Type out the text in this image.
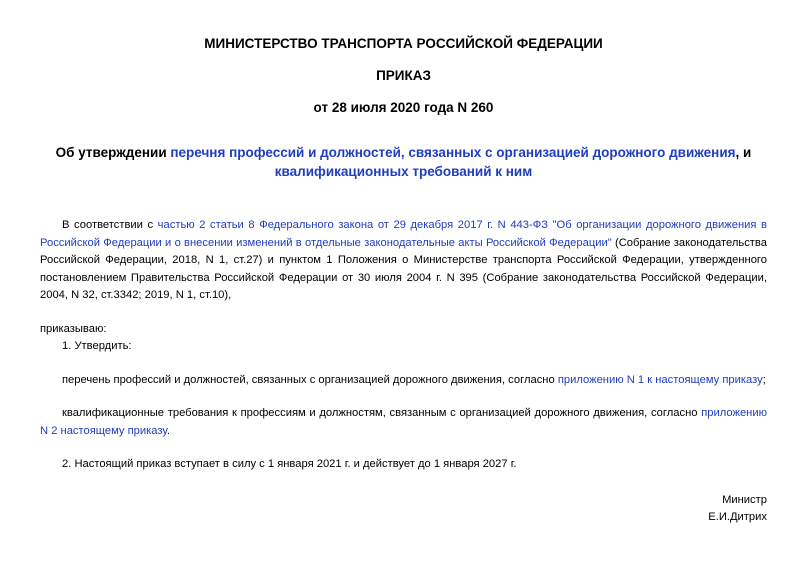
МИНИСТЕРСТВО ТРАНСПОРТА РОССИЙСКОЙ ФЕДЕРАЦИИ
ПРИКАЗ
от 28 июля 2020 года N 260
Об утверждении перечня профессий и должностей, связанных с организацией дорожного движения, и квалификационных требований к ним
В соответствии с частью 2 статьи 8 Федерального закона от 29 декабря 2017 г. N 443-ФЗ "Об организации дорожного движения в Российской Федерации и о внесении изменений в отдельные законодательные акты Российской Федерации" (Собрание законодательства Российской Федерации, 2018, N 1, ст.27) и пунктом 1 Положения о Министерстве транспорта Российской Федерации, утвержденного постановлением Правительства Российской Федерации от 30 июля 2004 г. N 395 (Собрание законодательства Российской Федерации, 2004, N 32, ст.3342; 2019, N 1, ст.10),
приказываю:
1. Утвердить:
перечень профессий и должностей, связанных с организацией дорожного движения, согласно приложению N 1 к настоящему приказу;
квалификационные требования к профессиям и должностям, связанным с организацией дорожного движения, согласно приложению N 2 настоящему приказу.
2. Настоящий приказ вступает в силу с 1 января 2021 г. и действует до 1 января 2027 г.
Министр
Е.И.Дитрих
